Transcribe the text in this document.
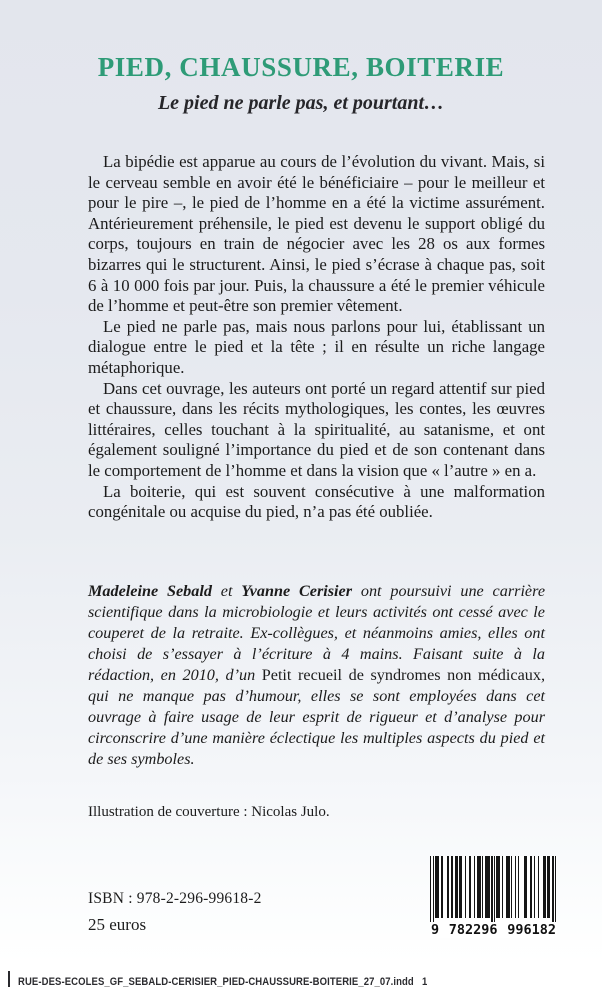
PIED, CHAUSSURE, BOITERIE
Le pied ne parle pas, et pourtant…

La bipédie est apparue au cours de l’évolution du vivant. Mais, si le cerveau semble en avoir été le bénéficiaire – pour le meilleur et pour le pire –, le pied de l’homme en a été la victime assurément. Antérieurement préhensile, le pied est devenu le support obligé du corps, toujours en train de négocier avec les 28 os aux formes bizarres qui le structurent. Ainsi, le pied s’écrase à chaque pas, soit 6 à 10 000 fois par jour. Puis, la chaussure a été le premier véhicule de l’homme et peut-être son premier vêtement.

Le pied ne parle pas, mais nous parlons pour lui, établissant un dialogue entre le pied et la tête ; il en résulte un riche langage métaphorique.

Dans cet ouvrage, les auteurs ont porté un regard attentif sur pied et chaussure, dans les récits mythologiques, les contes, les œuvres littéraires, celles touchant à la spiritualité, au satanisme, et ont également souligné l’importance du pied et de son contenant dans le comportement de l’homme et dans la vision que « l’autre » en a.

La boiterie, qui est souvent consécutive à une malformation congénitale ou acquise du pied, n’a pas été oubliée.

Madeleine Sebald et Yvanne Cerisier ont poursuivi une carrière scientifique dans la microbiologie et leurs activités ont cessé avec le couperet de la retraite. Ex-collègues, et néanmoins amies, elles ont choisi de s’essayer à l’écriture à 4 mains. Faisant suite à la rédaction, en 2010, d’un Petit recueil de syndromes non médicaux, qui ne manque pas d’humour, elles se sont employées dans cet ouvrage à faire usage de leur esprit de rigueur et d’analyse pour circonscrire d’une manière éclectique les multiples aspects du pied et de ses symboles.
Illustration de couverture : Nicolas Julo.
ISBN : 978-2-296-99618-2
25 euros	9 782296 996182
RUE-DES-ECOLES_GF_SEBALD-CERISIER_PIED-CHAUSSURE-BOITERIE_27_07.indd   1
